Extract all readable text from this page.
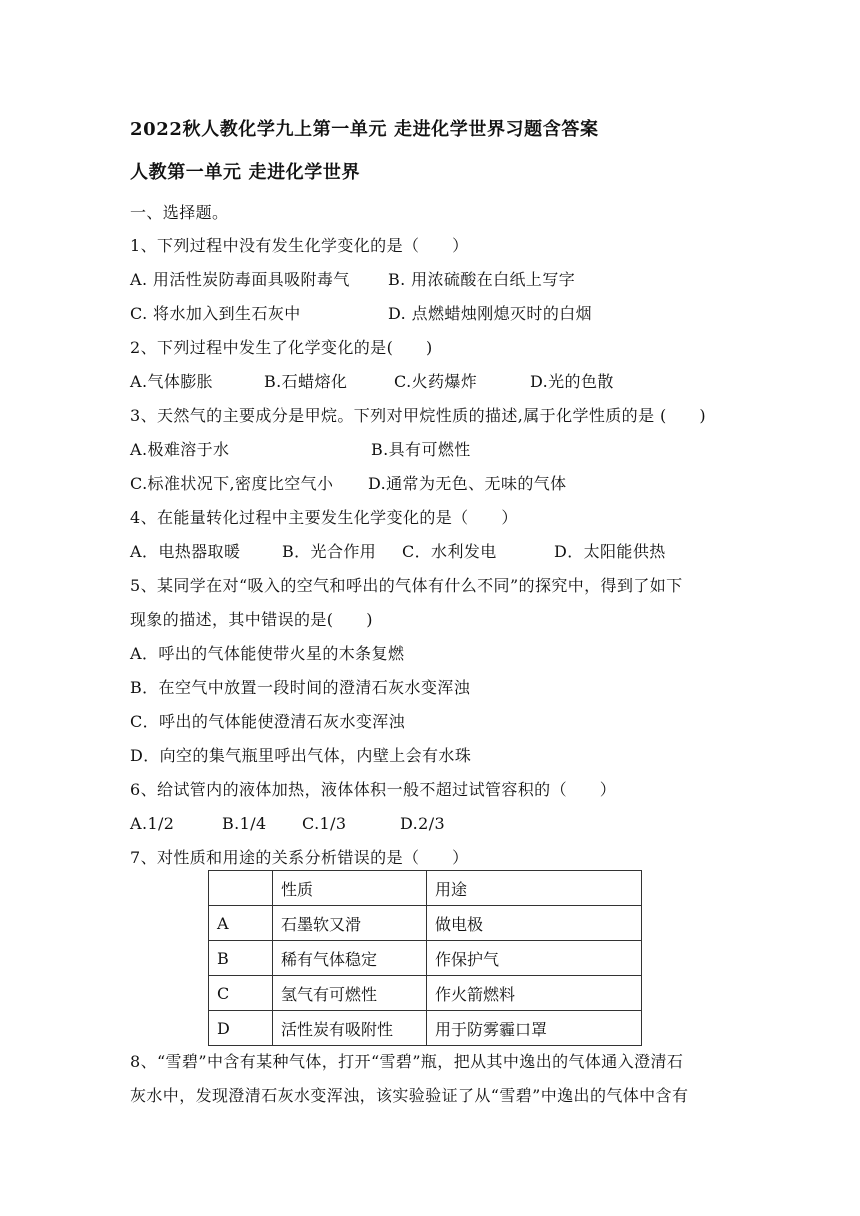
2022秋人教化学九上第一单元 走进化学世界习题含答案
人教第一单元 走进化学世界
一、选择题。
1、下列过程中没有发生化学变化的是（　　）

A. 用活性炭防毒面具吸附毒气

B. 用浓硫酸在白纸上写字

C. 将水加入到生石灰中

	D. 点燃蜡烛刚熄灭时的白烟

2、下列过程中发生了化学变化的是(　　)

A.气体膨胀

	B.石蜡熔化

	C.火药爆炸

	D.光的色散

3、天然气的主要成分是甲烷。下列对甲烷性质的描述,属于化学性质的是 (　　)

A.极难溶于水

	B.具有可燃性

C.标准状况下,密度比空气小

D.通常为无色、无味的气体

4、在能量转化过程中主要发生化学变化的是（　　）

A．电热器取暖

	B．光合作用

C．水利发电

	D．太阳能供热

5、某同学在对“吸入的空气和呼出的气体有什么不同”的探究中，得到了如下
现象的描述，其中错误的是(　　)
A．呼出的气体能使带火星的木条复燃
B．在空气中放置一段时间的澄清石灰水变浑浊
C．呼出的气体能使澄清石灰水变浑浊
D．向空的集气瓶里呼出气体，内壁上会有水珠
6、给试管内的液体加热，液体体积一般不超过试管容积的（　　）

A.1/2

	B.1/4

C.1/3

	D.2/3

7、对性质和用途的关系分析错误的是（　　）
	性质	用途
A	石墨软又滑	做电极
B	稀有气体稳定	作保护气
C	氢气有可燃性	作火箭燃料
D	活性炭有吸附性	用于防雾霾口罩
8、“雪碧”中含有某种气体，打开“雪碧”瓶，把从其中逸出的气体通入澄清石
灰水中，发现澄清石灰水变浑浊，该实验验证了从“雪碧”中逸出的气体中含有
